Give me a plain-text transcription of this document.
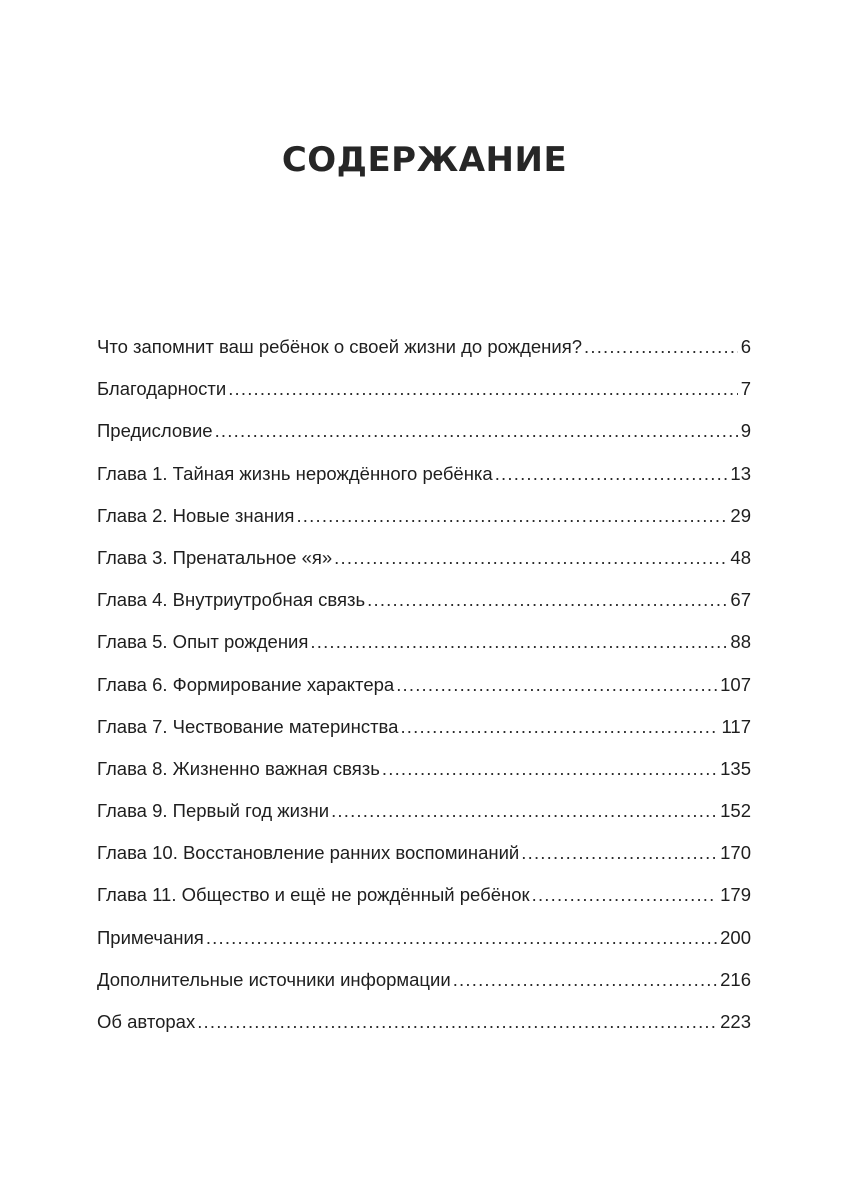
СОДЕРЖАНИЕ
Что запомнит ваш ребёнок о своей жизни до рождения? .....	6
Благодарности .....	7
Предисловие .....	9
Глава 1. Тайная жизнь нерождённого ребёнка .....	13
Глава 2. Новые знания .....	29
Глава 3. Пренатальное «я» .....	48
Глава 4. Внутриутробная связь .....	67
Глава 5. Опыт рождения .....	88
Глава 6. Формирование характера .....	107
Глава 7. Чествование материнства .....	117
Глава 8. Жизненно важная связь .....	135
Глава 9. Первый год жизни .....	152
Глава 10. Восстановление ранних воспоминаний .....	170
Глава 11. Общество и ещё не рождённый ребёнок .....	179
Примечания .....	200
Дополнительные источники информации .....	216
Об авторах .....	223
